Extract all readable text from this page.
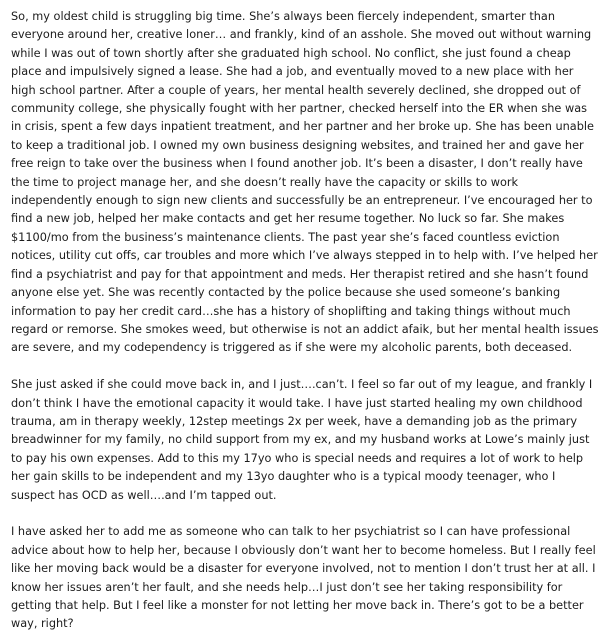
So, my oldest child is struggling big time. She’s always been fiercely independent, smarter than everyone around her, creative loner… and frankly, kind of an asshole. She moved out without warning while I was out of town shortly after she graduated high school. No conflict, she just found a cheap place and impulsively signed a lease. She had a job, and eventually moved to a new place with her high school partner. After a couple of years, her mental health severely declined, she dropped out of community college, she physically fought with her partner, checked herself into the ER when she was in crisis, spent a few days inpatient treatment, and her partner and her broke up. She has been unable to keep a traditional job. I owned my own business designing websites, and trained her and gave her free reign to take over the business when I found another job. It’s been a disaster, I don’t really have the time to project manage her, and she doesn’t really have the capacity or skills to work independently enough to sign new clients and successfully be an entrepreneur. I’ve encouraged her to find a new job, helped her make contacts and get her resume together. No luck so far. She makes $1100/mo from the business’s maintenance clients. The past year she’s faced countless eviction notices, utility cut offs, car troubles and more which I’ve always stepped in to help with. I’ve helped her find a psychiatrist and pay for that appointment and meds. Her therapist retired and she hasn’t found anyone else yet. She was recently contacted by the police because she used someone’s banking information to pay her credit card…she has a history of shoplifting and taking things without much regard or remorse. She smokes weed, but otherwise is not an addict afaik, but her mental health issues are severe, and my codependency is triggered as if she were my alcoholic parents, both deceased.

She just asked if she could move back in, and I just….can’t. I feel so far out of my league, and frankly I don’t think I have the emotional capacity it would take. I have just started healing my own childhood trauma, am in therapy weekly, 12step meetings 2x per week, have a demanding job as the primary breadwinner for my family, no child support from my ex, and my husband works at Lowe’s mainly just to pay his own expenses. Add to this my 17yo who is special needs and requires a lot of work to help her gain skills to be independent and my 13yo daughter who is a typical moody teenager, who I suspect has OCD as well….and I’m tapped out.

I have asked her to add me as someone who can talk to her psychiatrist so I can have professional advice about how to help her, because I obviously don’t want her to become homeless. But I really feel like her moving back would be a disaster for everyone involved, not to mention I don’t trust her at all. I know her issues aren’t her fault, and she needs help…I just don’t see her taking responsibility for getting that help. But I feel like a monster for not letting her move back in. There’s got to be a better way, right?
